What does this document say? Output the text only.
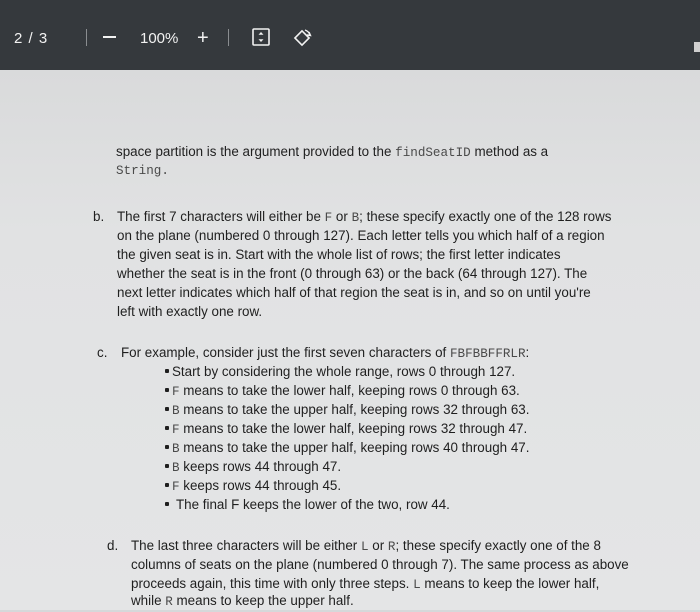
2 / 3	100% +
space partition is the argument provided to the findSeatID method as a
String.
b. The first 7 characters will either be F or B; these specify exactly one of the 128 rows
on the plane (numbered 0 through 127). Each letter tells you which half of a region
the given seat is in. Start with the whole list of rows; the first letter indicates
whether the seat is in the front (0 through 63) or the back (64 through 127). The
next letter indicates which half of that region the seat is in, and so on until you're
left with exactly one row.
c. For example, consider just the first seven characters of FBFBBFFRLR:
Start by considering the whole range, rows 0 through 127.
F means to take the lower half, keeping rows 0 through 63.
B means to take the upper half, keeping rows 32 through 63.
F means to take the lower half, keeping rows 32 through 47.
B means to take the upper half, keeping rows 40 through 47.
B keeps rows 44 through 47.
F keeps rows 44 through 45.
The final F keeps the lower of the two, row 44.
d. The last three characters will be either L or R; these specify exactly one of the 8
columns of seats on the plane (numbered 0 through 7). The same process as above
proceeds again, this time with only three steps. L means to keep the lower half,
while R means to keep the upper half.
